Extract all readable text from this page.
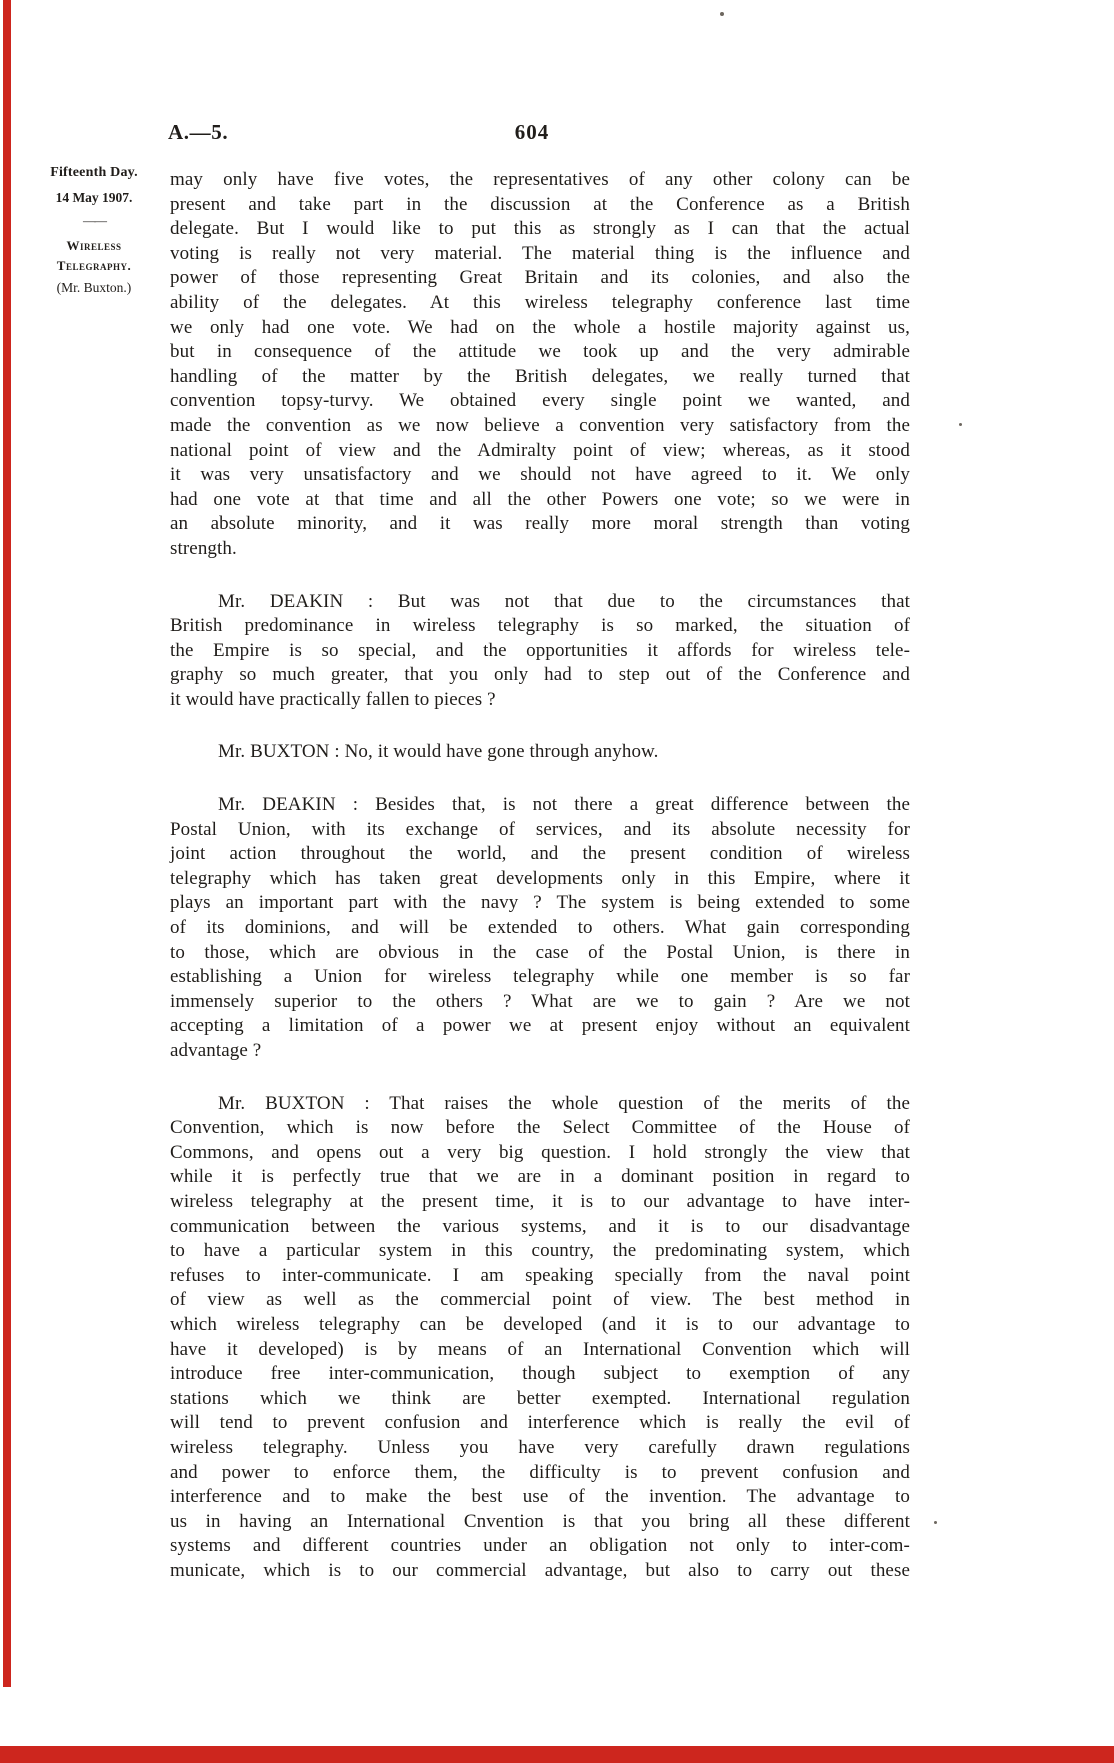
A.—5.	604
Fifteenth Day.
14 May 1907.
——
Wireless
Telegraphy.
(Mr. Buxton.)
may only have five votes, the representatives of any other colony can be
present and take part in the discussion at the Conference as a British
delegate. But I would like to put this as strongly as I can that the actual
voting is really not very material. The material thing is the influence and
power of those representing Great Britain and its colonies, and also the
ability of the delegates. At this wireless telegraphy conference last time
we only had one vote. We had on the whole a hostile majority against us,
but in consequence of the attitude we took up and the very admirable
handling of the matter by the British delegates, we really turned that
convention topsy-turvy. We obtained every single point we wanted, and
made the convention as we now believe a convention very satisfactory from the
national point of view and the Admiralty point of view; whereas, as it stood
it was very unsatisfactory and we should not have agreed to it. We only
had one vote at that time and all the other Powers one vote; so we were in
an absolute minority, and it was really more moral strength than voting
strength.
Mr. DEAKIN : But was not that due to the circumstances that
British predominance in wireless telegraphy is so marked, the situation of
the Empire is so special, and the opportunities it affords for wireless tele-
graphy so much greater, that you only had to step out of the Conference and
it would have practically fallen to pieces ?
Mr. BUXTON : No, it would have gone through anyhow.
Mr. DEAKIN : Besides that, is not there a great difference between the
Postal Union, with its exchange of services, and its absolute necessity for
joint action throughout the world, and the present condition of wireless
telegraphy which has taken great developments only in this Empire, where it
plays an important part with the navy ? The system is being extended to some
of its dominions, and will be extended to others. What gain corresponding
to those, which are obvious in the case of the Postal Union, is there in
establishing a Union for wireless telegraphy while one member is so far
immensely superior to the others ? What are we to gain ? Are we not
accepting a limitation of a power we at present enjoy without an equivalent
advantage ?
Mr. BUXTON : That raises the whole question of the merits of the
Convention, which is now before the Select Committee of the House of
Commons, and opens out a very big question. I hold strongly the view that
while it is perfectly true that we are in a dominant position in regard to
wireless telegraphy at the present time, it is to our advantage to have inter-
communication between the various systems, and it is to our disadvantage
to have a particular system in this country, the predominating system, which
refuses to inter-communicate. I am speaking specially from the naval point
of view as well as the commercial point of view. The best method in
which wireless telegraphy can be developed (and it is to our advantage to
have it developed) is by means of an International Convention which will
introduce free inter-communication, though subject to exemption of any
stations which we think are better exempted. International regulation
will tend to prevent confusion and interference which is really the evil of
wireless telegraphy. Unless you have very carefully drawn regulations
and power to enforce them, the difficulty is to prevent confusion and
interference and to make the best use of the invention. The advantage to
us in having an International Cnvention is that you bring all these different
systems and different countries under an obligation not only to inter-com-
municate, which is to our commercial advantage, but also to carry out these
